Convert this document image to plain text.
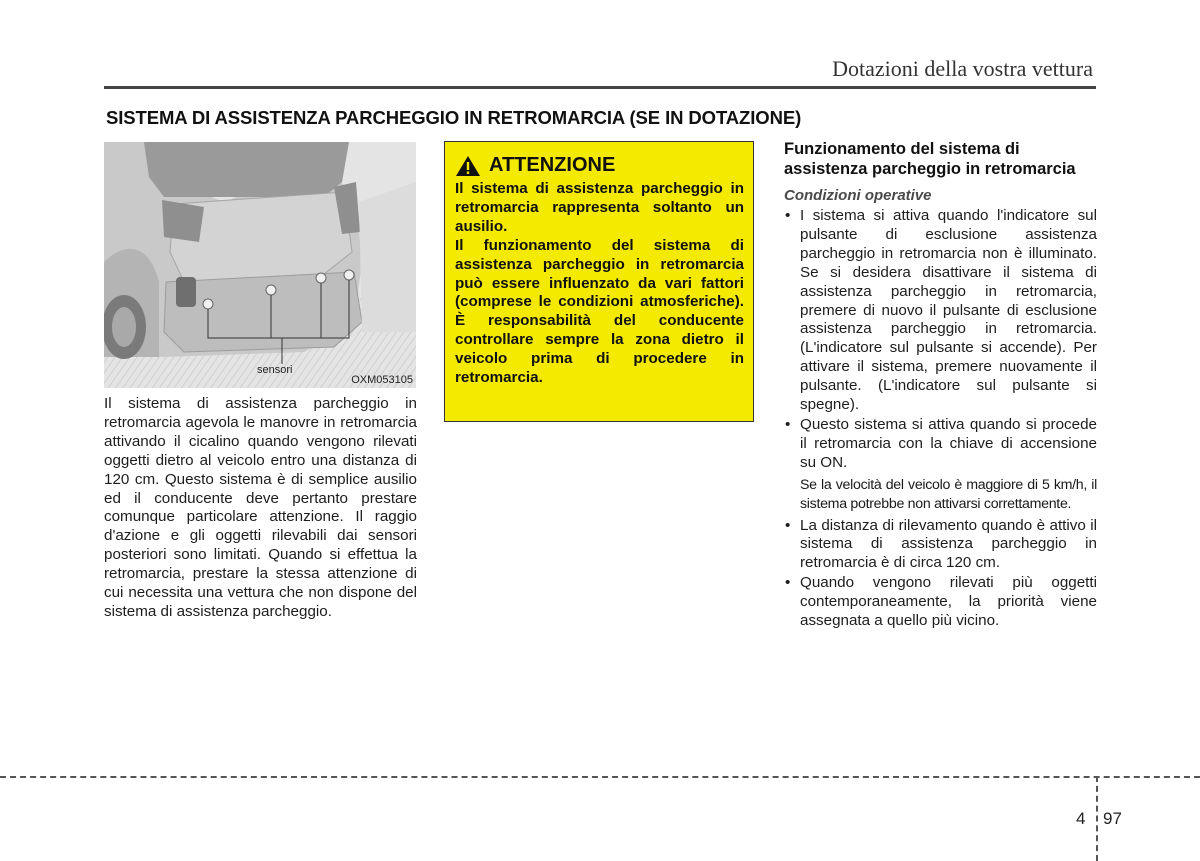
Dotazioni della vostra vettura
SISTEMA DI ASSISTENZA PARCHEGGIO IN RETROMARCIA (SE IN DOTAZIONE)
sensori
OXM053105
Il sistema di assistenza parcheggio in retromarcia agevola le manovre in retromarcia attivando il cicalino quando vengono rilevati oggetti dietro al veicolo entro una distanza di 120 cm. Questo sistema è di semplice ausilio ed il conducente deve pertanto prestare comunque particolare attenzione. Il raggio d'azione e gli oggetti rilevabili dai sensori posteriori sono limitati. Quando si effettua la retromarcia, prestare la stessa attenzione di cui necessita una vettura che non dispone del sistema di assistenza parcheggio.
ATTENZIONE

Il sistema di assistenza parcheggio in retromarcia rappresenta soltanto un ausilio.

Il funzionamento del sistema di assistenza parcheggio in retromarcia può essere influenzato da vari fattori (comprese le condizioni atmosferiche). È responsabilità del conducente controllare sempre la zona dietro il veicolo prima di procedere in retromarcia.

Funzionamento del sistema di assistenza parcheggio in retromarcia

Condizioni operative

• I sistema si attiva quando l'indicatore sul pulsante di esclusione assistenza parcheggio in retromarcia non è illuminato. Se si desidera disattivare il sistema di assistenza parcheggio in retromarcia, premere di nuovo il pulsante di esclusione assistenza parcheggio in retromarcia. (L'indicatore sul pulsante si accende). Per attivare il sistema, premere nuovamente il pulsante. (L'indicatore sul pulsante si spegne).
• Questo sistema si attiva quando si procede il retromarcia con la chiave di accensione su ON.

Se la velocità del veicolo è maggiore di 5 km/h, il sistema potrebbe non attivarsi correttamente.

• La distanza di rilevamento quando è attivo il sistema di assistenza parcheggio in retromarcia è di circa 120 cm.
• Quando vengono rilevati più oggetti contemporaneamente, la priorità viene assegnata a quello più vicino.
4 97
